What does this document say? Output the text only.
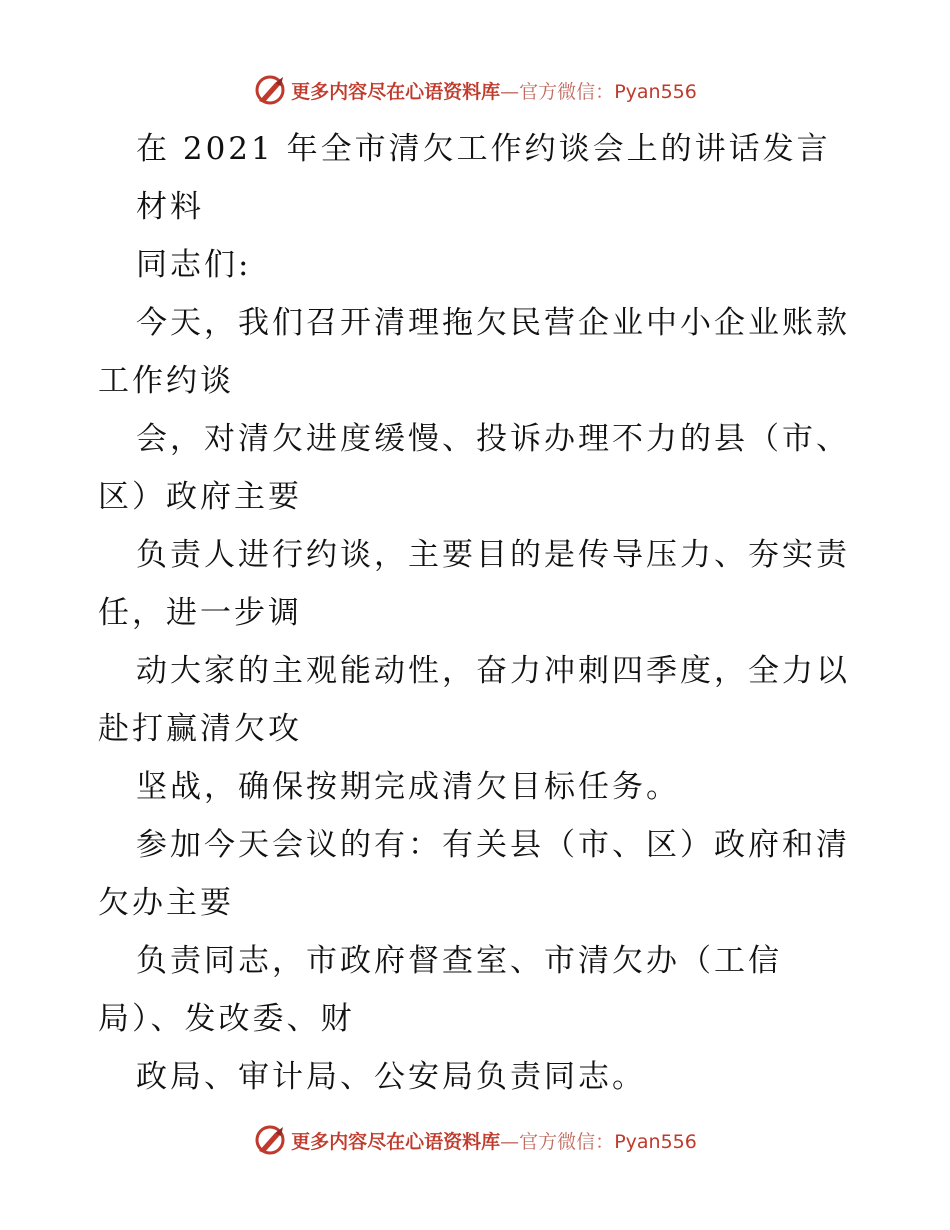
更多内容尽在心语资料库—官方微信：Pyan556
在 2021 年全市清欠工作约谈会上的讲话发言
材料
同志们:
今天，我们召开清理拖欠民营企业中小企业账款
工作约谈
会，对清欠进度缓慢、投诉办理不力的县（市、
区）政府主要
负责人进行约谈，主要目的是传导压力、夯实责
任，进一步调
动大家的主观能动性，奋力冲刺四季度，全力以
赴打赢清欠攻
坚战，确保按期完成清欠目标任务。
参加今天会议的有：有关县（市、区）政府和清
欠办主要
负责同志，市政府督查室、市清欠办（工信
局）、发改委、财
政局、审计局、公安局负责同志。
更多内容尽在心语资料库—官方微信：Pyan556
